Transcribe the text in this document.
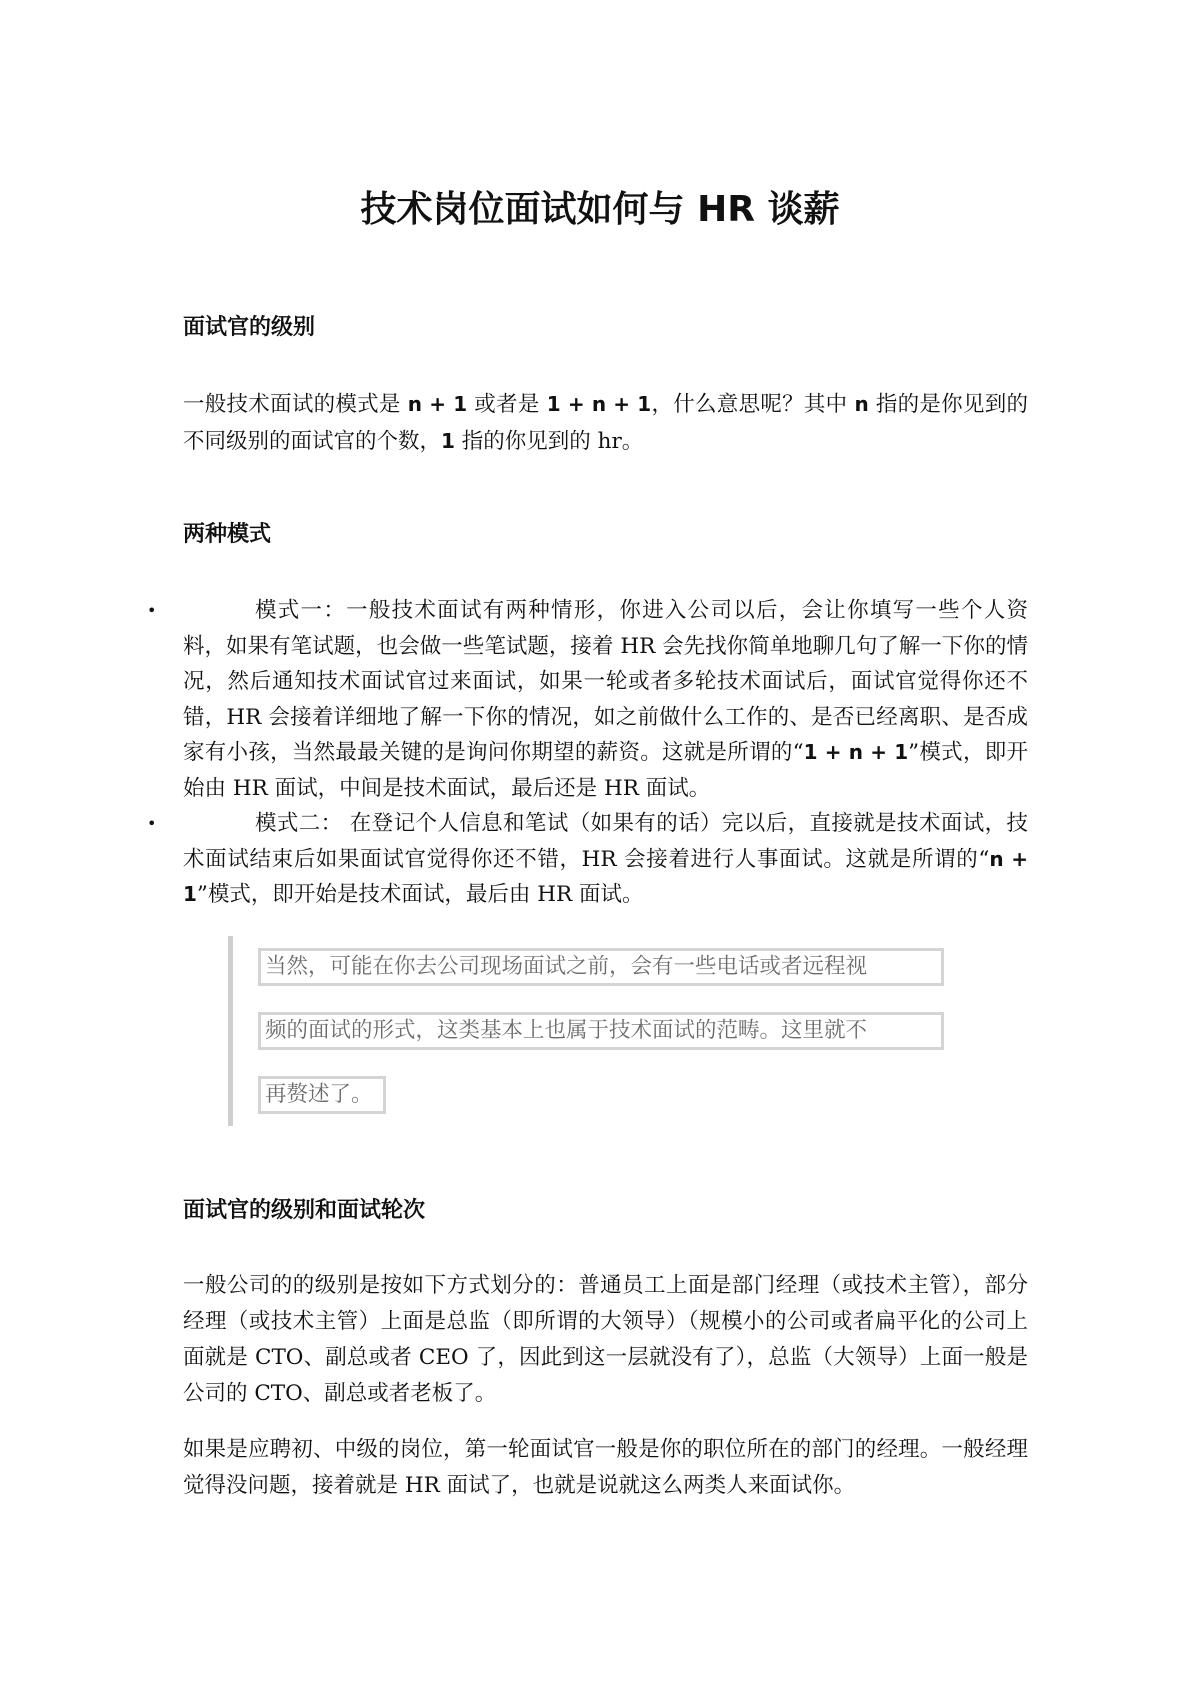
技术岗位面试如何与 HR 谈薪
面试官的级别

一般技术面试的模式是 n + 1 或者是 1 + n + 1，什么意思呢？其中 n 指的是你见到的不同级别的面试官的个数，1 指的你见到的 hr。

两种模式
•	模式一：一般技术面试有两种情形，你进入公司以后，会让你填写一些个人资料，如果有笔试题，也会做一些笔试题，接着 HR 会先找你简单地聊几句了解一下你的情况，然后通知技术面试官过来面试，如果一轮或者多轮技术面试后，面试官觉得你还不错，HR 会接着详细地了解一下你的情况，如之前做什么工作的、是否已经离职、是否成家有小孩，当然最最关键的是询问你期望的薪资。这就是所谓的“1 + n + 1”模式，即开始由 HR 面试，中间是技术面试，最后还是 HR 面试。
•	模式二： 在登记个人信息和笔试（如果有的话）完以后，直接就是技术面试，技术面试结束后如果面试官觉得你还不错，HR 会接着进行人事面试。这就是所谓的“n + 1”模式，即开始是技术面试，最后由 HR 面试。
当然，可能在你去公司现场面试之前，会有一些电话或者远程视
频的面试的形式，这类基本上也属于技术面试的范畴。这里就不
再赘述了。
面试官的级别和面试轮次

一般公司的的级别是按如下方式划分的：普通员工上面是部门经理（或技术主管），部分经理（或技术主管）上面是总监（即所谓的大领导）（规模小的公司或者扁平化的公司上面就是 CTO、副总或者 CEO 了，因此到这一层就没有了），总监（大领导）上面一般是公司的 CTO、副总或者老板了。

如果是应聘初、中级的岗位，第一轮面试官一般是你的职位所在的部门的经理。一般经理觉得没问题，接着就是 HR 面试了，也就是说就这么两类人来面试你。
